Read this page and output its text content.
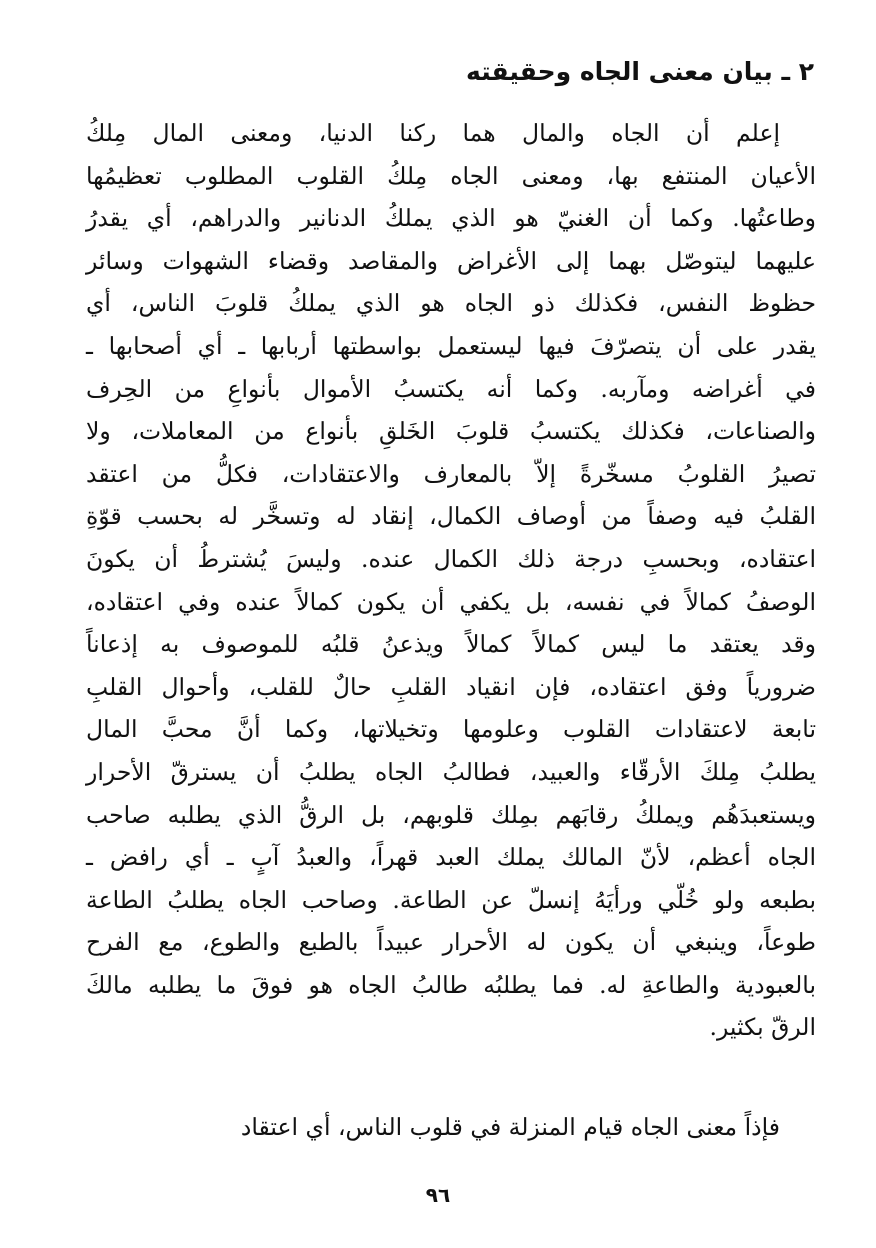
٢ ـ بيان معنى الجاه وحقيقته
إعلم أن الجاه والمال هما ركنا الدنيا، ومعنى المال مِلكُ
الأعيان المنتفع بها، ومعنى الجاه مِلكُ القلوب المطلوب تعظيمُها
وطاعتُها. وكما أن الغنيّ هو الذي يملكُ الدنانير والدراهم، أي يقدرُ
عليهما ليتوصّل بهما إلى الأغراض والمقاصد وقضاء الشهوات وسائر
حظوظ النفس، فكذلك ذو الجاه هو الذي يملكُ قلوبَ الناس، أي
يقدر على أن يتصرّفَ فيها ليستعمل بواسطتها أربابها ـ أي أصحابها ـ
في أغراضه ومآربه. وكما أنه يكتسبُ الأموال بأنواعِ من الحِرف
والصناعات، فكذلك يكتسبُ قلوبَ الخَلقِ بأنواع من المعاملات، ولا
تصيرُ القلوبُ مسخّرةً إلاّ بالمعارف والاعتقادات، فكلُّ من اعتقد
القلبُ فيه وصفاً من أوصاف الكمال، إنقاد له وتسخَّر له بحسب قوّةِ
اعتقاده، وبحسبِ درجة ذلك الكمال عنده. وليسَ يُشترطُ أن يكونَ
الوصفُ كمالاً في نفسه، بل يكفي أن يكون كمالاً عنده وفي اعتقاده،
وقد يعتقد ما ليس كمالاً كمالاً ويذعنُ قلبُه للموصوف به إذعاناً
ضرورياً وفق اعتقاده، فإن انقياد القلبِ حالٌ للقلب، وأحوال القلبِ
تابعة لاعتقادات القلوب وعلومها وتخيلاتها، وكما أنَّ محبَّ المال
يطلبُ مِلكَ الأرقّاء والعبيد، فطالبُ الجاه يطلبُ أن يسترقّ الأحرار
ويستعبدَهُم ويملكُ رقابَهم بمِلك قلوبهم، بل الرقُّ الذي يطلبه صاحب
الجاه أعظم، لأنّ المالك يملك العبد قهراً، والعبدُ آبٍ ـ أي رافض ـ
بطبعه ولو خُلّي ورأيَهُ إنسلّ عن الطاعة. وصاحب الجاه يطلبُ الطاعة
طوعاً، وينبغي أن يكون له الأحرار عبيداً بالطبع والطوع، مع الفرح
بالعبودية والطاعةِ له. فما يطلبُه طالبُ الجاه هو فوقَ ما يطلبه مالكَ
الرقّ بكثير.
فإذاً معنى الجاه قيام المنزلة في قلوب الناس، أي اعتقاد
٩٦
